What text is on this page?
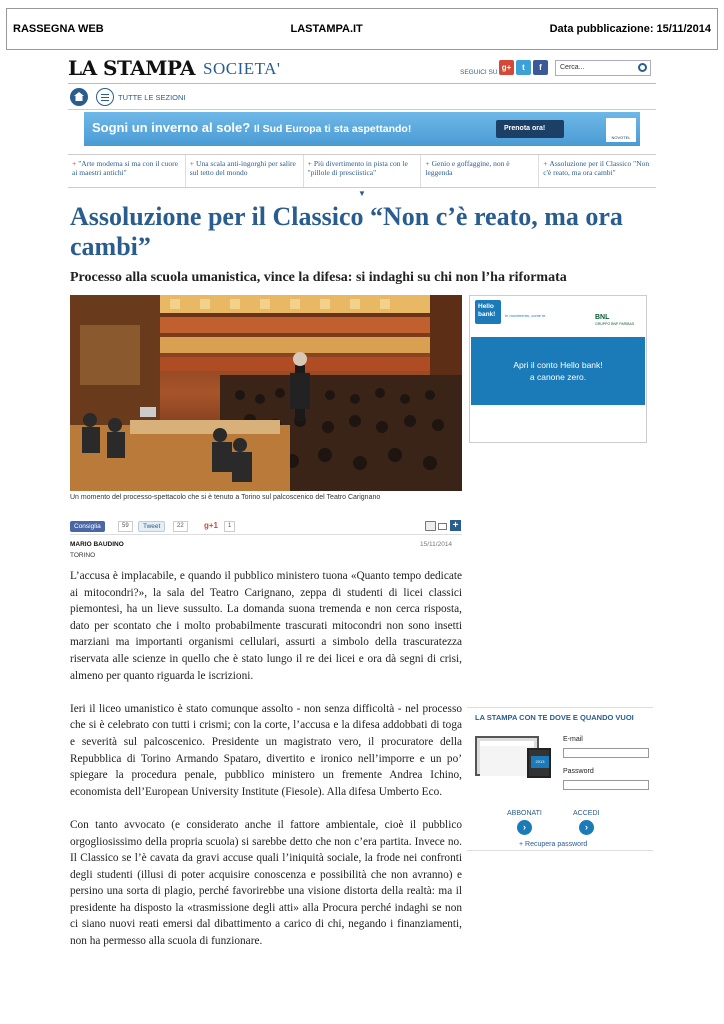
RASSEGNA WEB	LASTAMPA.IT	Data pubblicazione: 15/11/2014
LA STAMPA SOCIETA'	SEGUICI SU
g+	t	f	Cerca...
TUTTE LE SEZIONI
Sogni un inverno al sole? Il Sud Europa ti sta aspettando!	Prenota ora!
NOVOTEL
+ "Arte moderna si ma con il cuore ai maestri antichi"
+ Una scala anti-ingorghi per salire sul tetto del mondo
+ Più divertimento in pista con le "pillole di presciistica"
+ Genio e goffaggine, non è leggenda
+ Assoluzione per il Classico "Non c'è reato, ma ora cambi"
▼
Assoluzione per il Classico “Non c’è reato, ma ora cambi”
Processo alla scuola umanistica, vince la difesa: si indaghi su chi non l’ha riformata
Un momento del processo-spettacolo che si è tenuto a Torino sul palcoscenico del Teatro Carignano
Hello bank!	In movimento, come te.	BNL
GRUPPO BNP PARIBAS
Apri il conto Hello bank!
a canone zero.
Consiglia	59	Tweet	22	g+1	1	+
MARIO BAUDINO	15/11/2014
TORINO

L’accusa è implacabile, e quando il pubblico ministero tuona «Quanto tempo dedicate ai mitocondri?», la sala del Teatro Carignano, zeppa di studenti di licei classici piemontesi, ha un lieve sussulto. La domanda suona tremenda e non cerca risposta, dato per scontato che i molto probabilmente trascurati mitocondri non sono insetti marziani ma importanti organismi cellulari, assurti a simbolo della trascuratezza riservata alle scienze in quello che è stato lungo il re dei licei e ora dà segni di crisi, almeno per quanto riguarda le iscrizioni.

Ieri il liceo umanistico è stato comunque assolto - non senza difficoltà - nel processo che si è celebrato con tutti i crismi; con la corte, l’accusa e la difesa addobbati di toga e severità sul palcoscenico. Presidente un magistrato vero, il procuratore della Repubblica di Torino Armando Spataro, divertito e ironico nell’imporre e un po’ spiegare la procedura penale, pubblico ministero un fremente Andrea Ichino, economista dell’European University Institute (Fiesole). Alla difesa Umberto Eco.

Con tanto avvocato (e considerato anche il fattore ambientale, cioè il pubblico orgogliosissimo della propria scuola) si sarebbe detto che non c’era partita. Invece no. Il Classico se l’è cavata da gravi accuse quali l’iniquità sociale, la frode nei confronti degli studenti (illusi di poter acquisire conoscenza e possibilità che non avranno) e persino una sorta di plagio, perché favorirebbe una visione distorta della realtà: ma il presidente ha disposto la «trasmissione degli atti» alla Procura perché indaghi se non ci siano nuovi reati emersi dal dibattimento a carico di chi, negando i finanziamenti, non ha permesso alla scuola di funzionare.

LA STAMPA CON TE DOVE E QUANDO VUOI
2013
E-mail
Password
ABBONATI	ACCEDI
›	›
+ Recupera password
